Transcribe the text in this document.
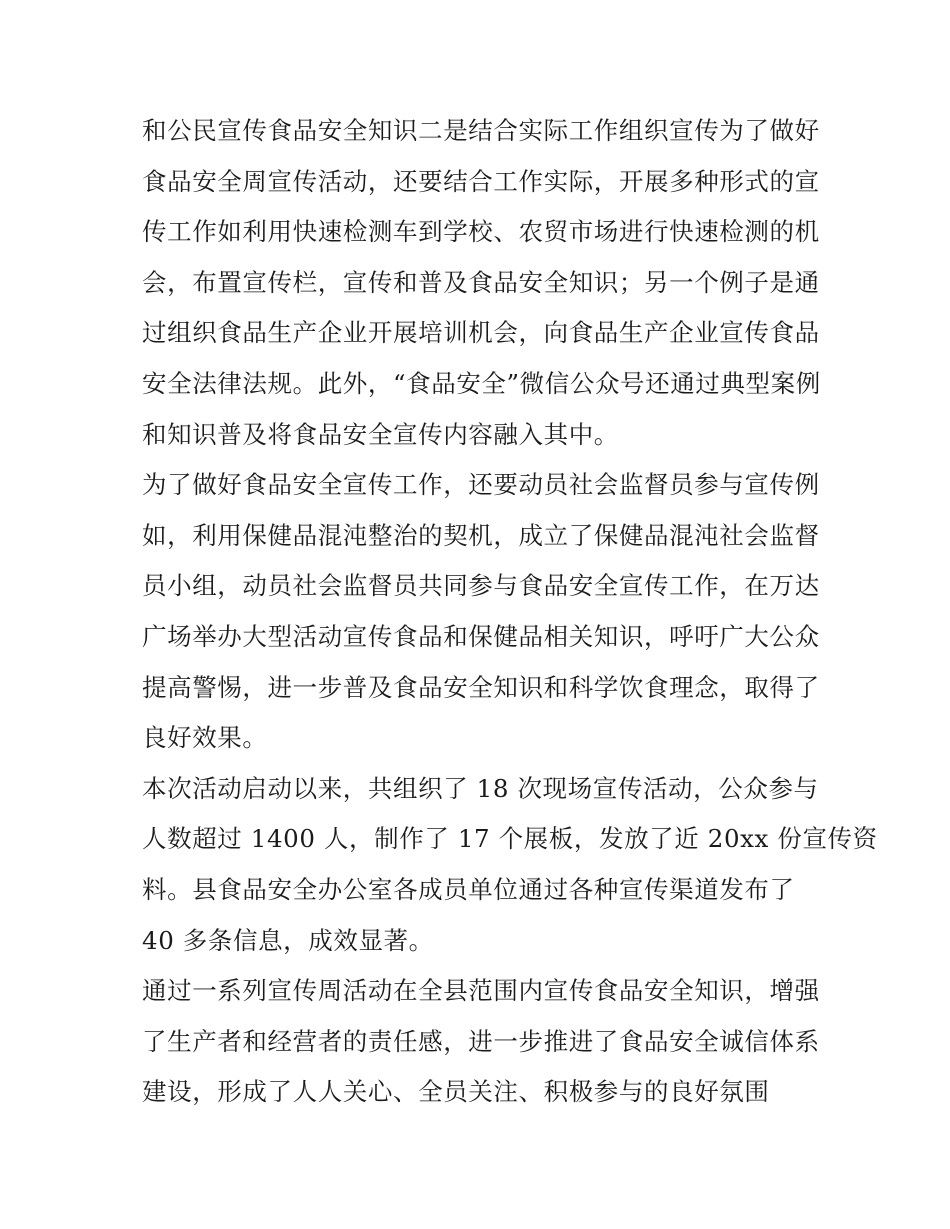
和公民宣传食品安全知识二是结合实际工作组织宣传为了做好
食品安全周宣传活动，还要结合工作实际，开展多种形式的宣
传工作如利用快速检测车到学校、农贸市场进行快速检测的机
会，布置宣传栏，宣传和普及食品安全知识；另一个例子是通
过组织食品生产企业开展培训机会，向食品生产企业宣传食品
安全法律法规。此外，“食品安全”微信公众号还通过典型案例
和知识普及将食品安全宣传内容融入其中。
为了做好食品安全宣传工作，还要动员社会监督员参与宣传例
如，利用保健品混沌整治的契机，成立了保健品混沌社会监督
员小组，动员社会监督员共同参与食品安全宣传工作，在万达
广场举办大型活动宣传食品和保健品相关知识，呼吁广大公众
提高警惕，进一步普及食品安全知识和科学饮食理念，取得了
良好效果。
本次活动启动以来，共组织了 18 次现场宣传活动，公众参与
人数超过 1400 人，制作了 17 个展板，发放了近 20xx 份宣传资
料。县食品安全办公室各成员单位通过各种宣传渠道发布了
40 多条信息，成效显著。
通过一系列宣传周活动在全县范围内宣传食品安全知识，增强
了生产者和经营者的责任感，进一步推进了食品安全诚信体系
建设，形成了人人关心、全员关注、积极参与的良好氛围
